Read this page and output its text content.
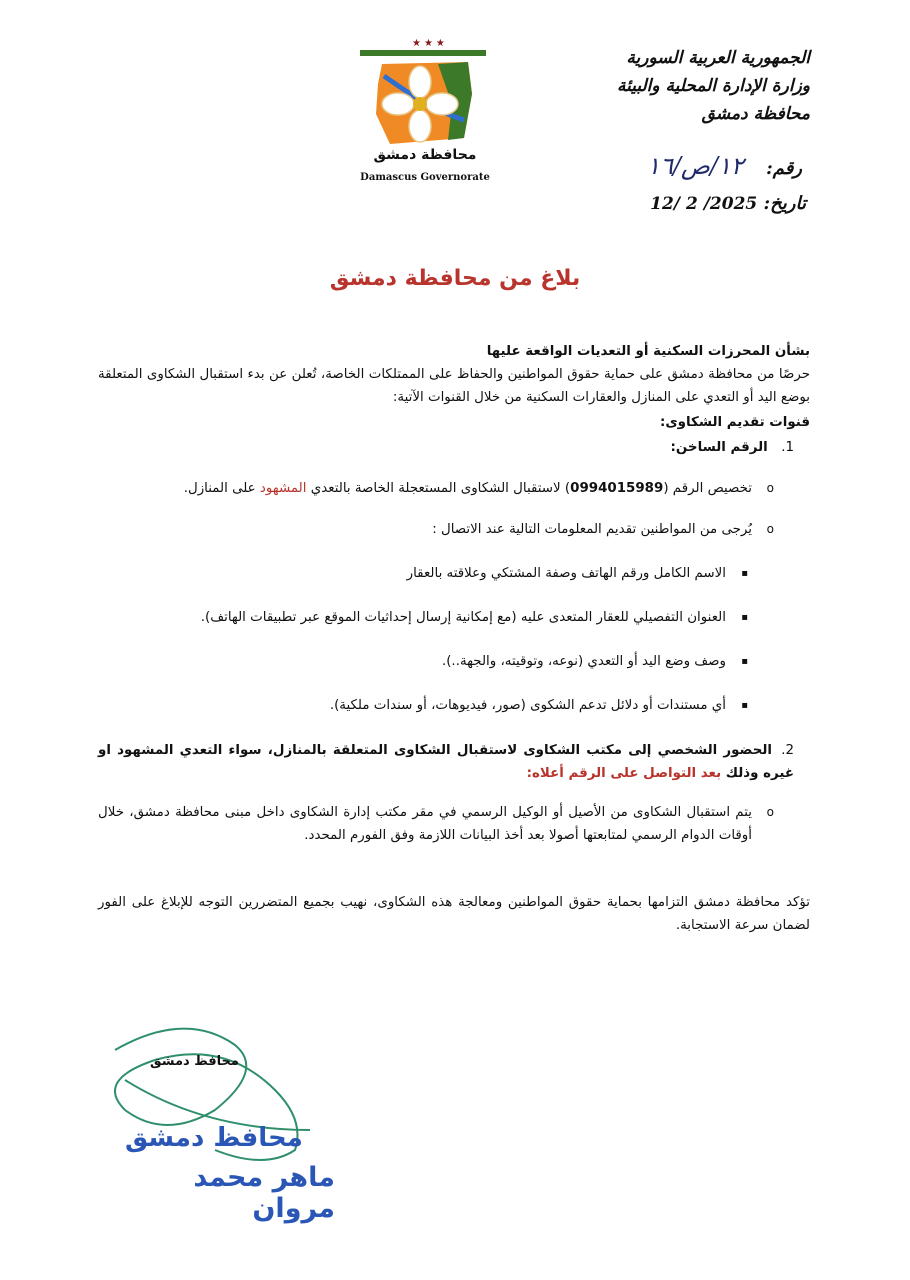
الجمهورية العربية السورية
وزارة الإدارة المحلية والبيئة
محافظة دمشق
★★★
محافظة دمشق
Damascus Governorate	رقم: ١٢/ص/١٦
تاريخ: 2025/ 2 /12
بلاغ من محافظة دمشق

بشأن المحرزات السكنية أو التعديات الواقعة عليها

حرصًا من محافظة دمشق على حماية حقوق المواطنين والحفاظ على الممتلكات الخاصة، تُعلن عن بدء استقبال الشكاوى المتعلقة بوضع اليد أو التعدي على المنازل والعقارات السكنية من خلال القنوات الآتية:

قنوات تقديم الشكاوى:

1. الرقم الساخن:
o تخصيص الرقم (0994015989) لاستقبال الشكاوى المستعجلة الخاصة بالتعدي المشهود على المنازل.
o يُرجى من المواطنين تقديم المعلومات التالية عند الاتصال :
▪ الاسم الكامل ورقم الهاتف وصفة المشتكي وعلاقته بالعقار
▪ العنوان التفصيلي للعقار المتعدى عليه (مع إمكانية إرسال إحداثيات الموقع عبر تطبيقات الهاتف).
▪ وصف وضع اليد أو التعدي (نوعه، وتوقيته، والجهة..).
▪ أي مستندات أو دلائل تدعم الشكوى (صور، فيديوهات، أو سندات ملكية).
2.الحضور الشخصي إلى مكتب الشكاوى لاستقبال الشكاوى المتعلقة بالمنازل، سواء التعدي المشهود او غيره وذلك بعد التواصل على الرقم أعلاه:
o يتم استقبال الشكاوى من الأصيل أو الوكيل الرسمي في مقر مكتب إدارة الشكاوى داخل مبنى محافظة دمشق، خلال أوقات الدوام الرسمي لمتابعتها أصولا بعد أخذ البيانات اللازمة وفق الفورم المحدد.

تؤكد محافظة دمشق التزامها بحماية حقوق المواطنين ومعالجة هذه الشكاوى، نهيب بجميع المتضررين التوجه للإبلاغ على الفور لضمان سرعة الاستجابة.

محافظ دمشق
محافظ دمشق
ماهر محمد مروان
